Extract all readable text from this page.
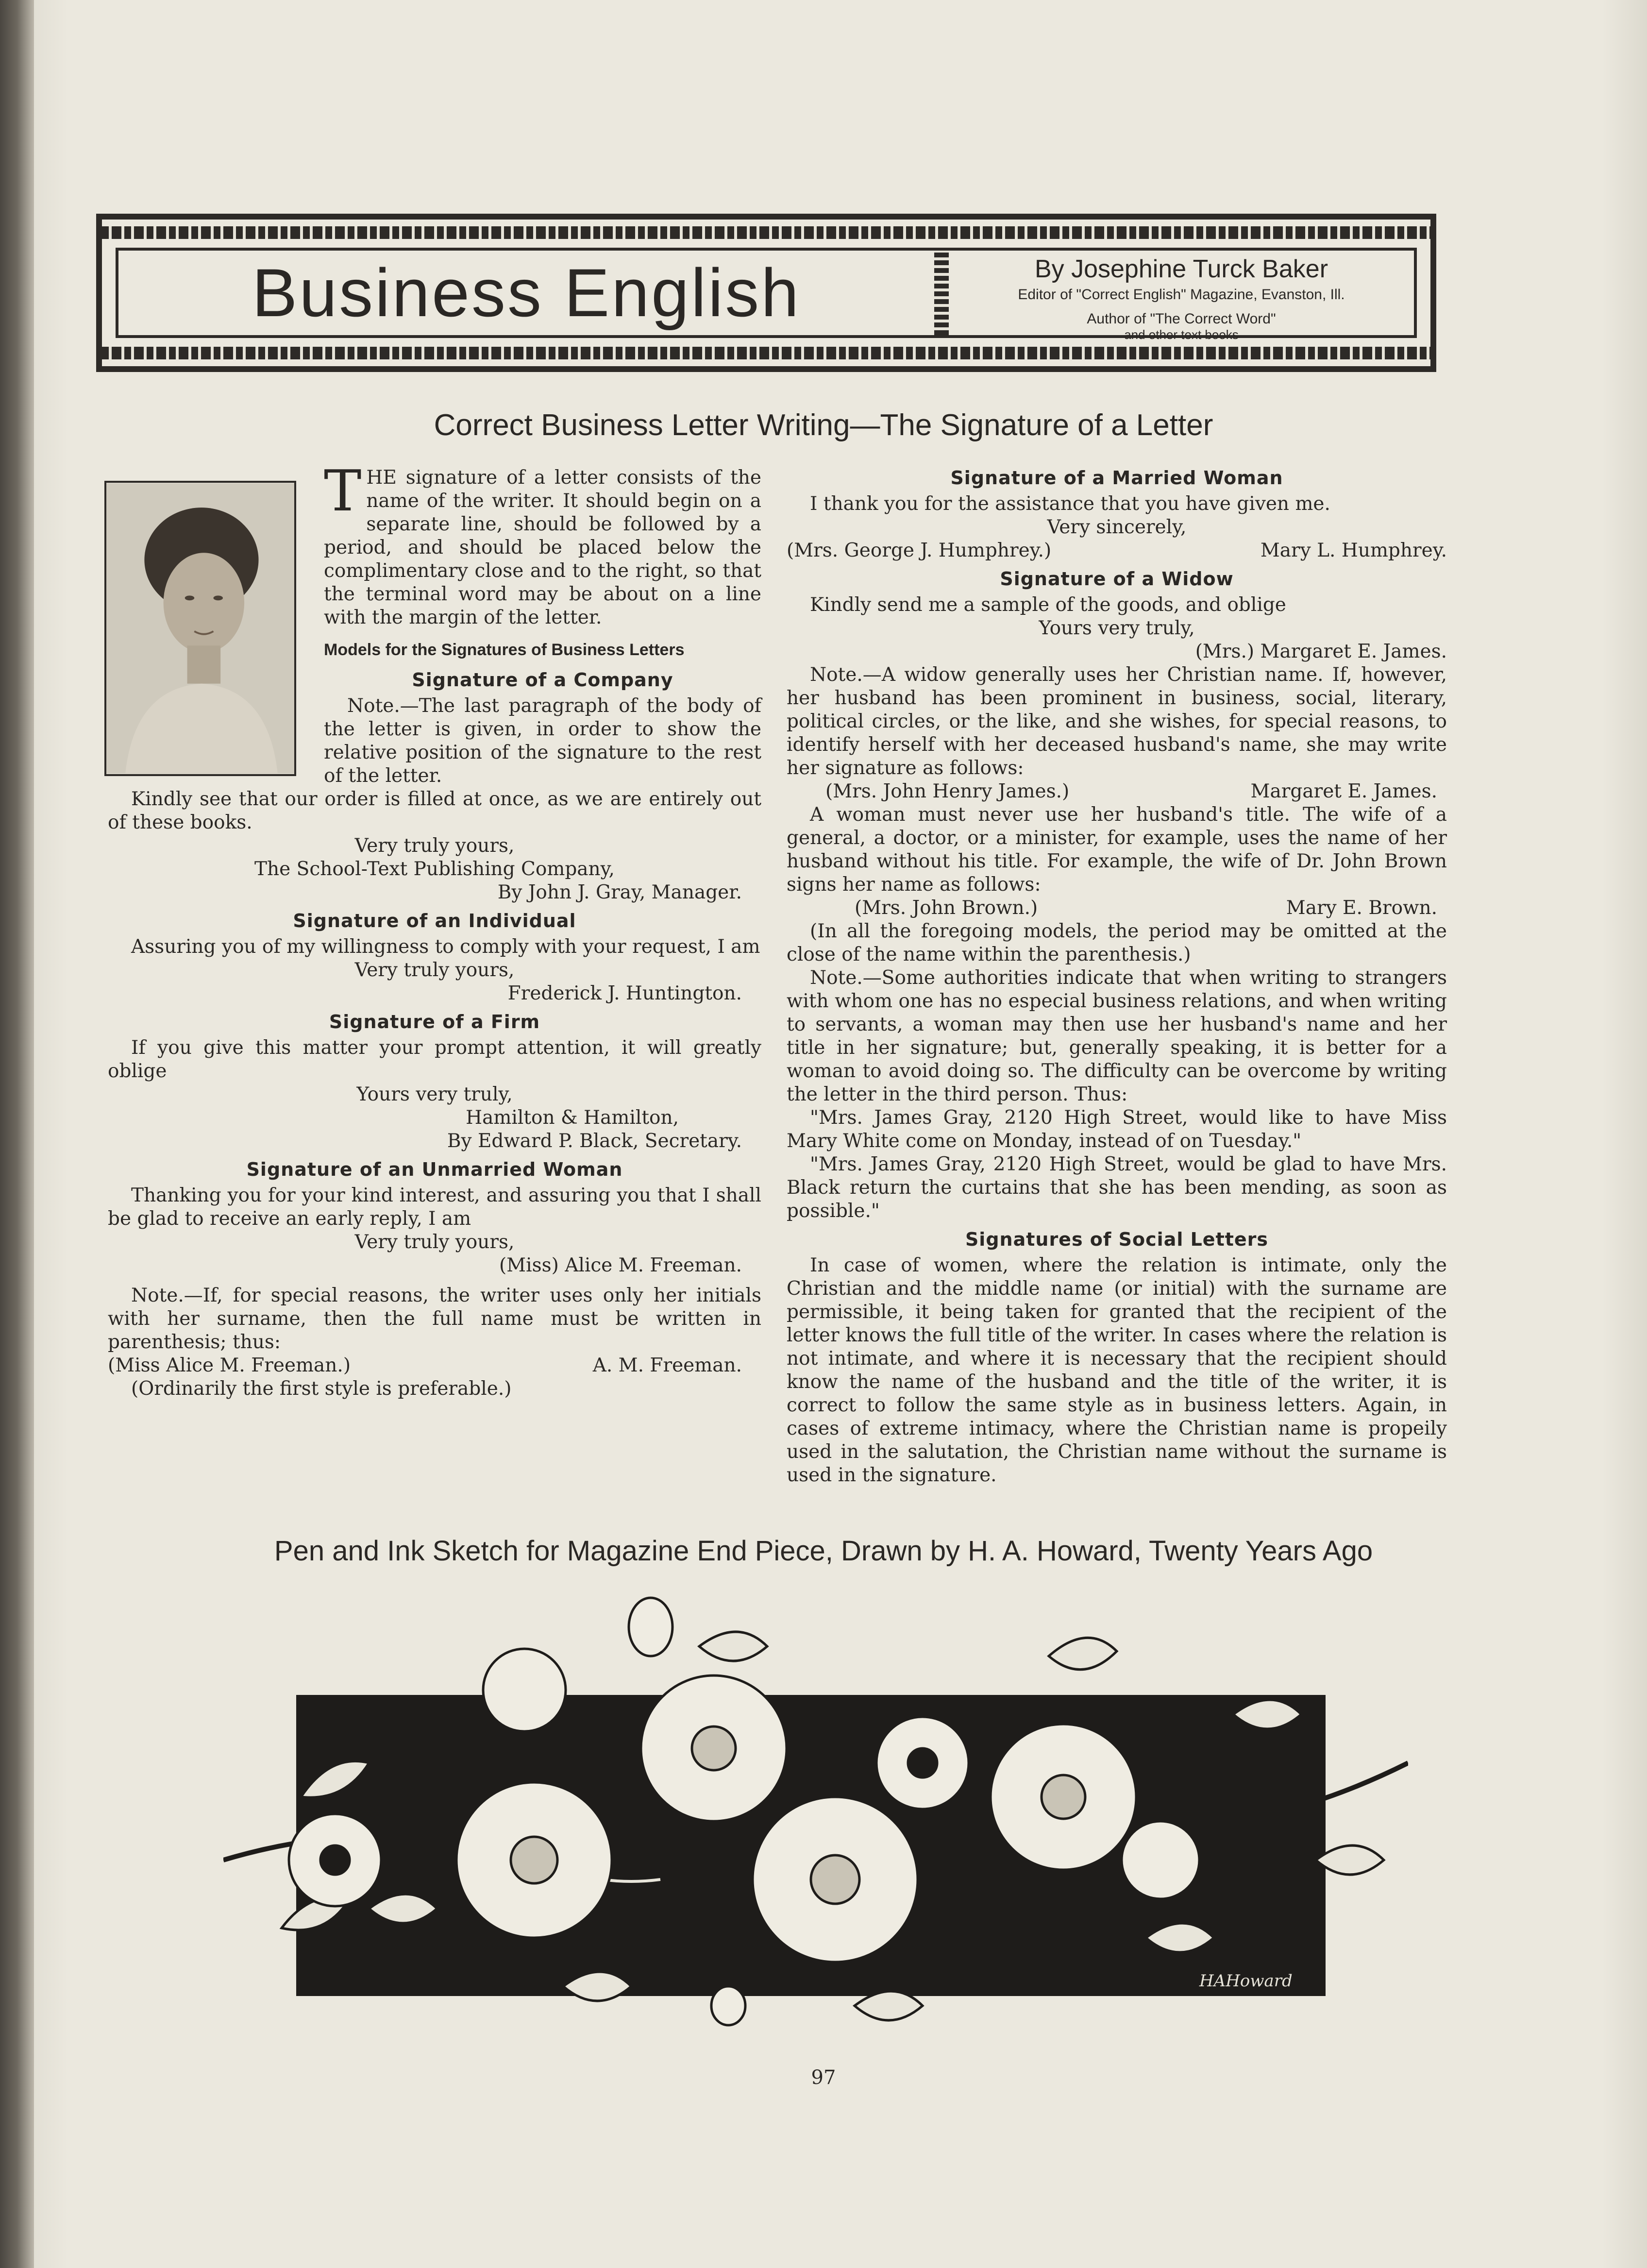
Business English	By Josephine Turck Baker
Editor of "Correct English" Magazine, Evanston, Ill.
Author of "The Correct Word"
and other text books
Correct Business Letter Writing—The Signature of a Letter

THE signature of a letter consists of the name of the writer. It should begin on a separate line, should be followed by a period, and should be placed below the complimentary close and to the right, so that the terminal word may be about on a line with the margin of the letter.

Models for the Signatures of Business Letters

Signature of a Company

Note.—The last paragraph of the body of the letter is given, in order to show the relative position of the signature to the rest of the letter.

Kindly see that our order is filled at once, as we are entirely out of these books.

Very truly yours,

The School-Text Publishing Company,

By John J. Gray, Manager.

Signature of an Individual

Assuring you of my willingness to comply with your request, I am

Very truly yours,

Frederick J. Huntington.

Signature of a Firm

If you give this matter your prompt attention, it will greatly oblige

Yours very truly,

Hamilton & Hamilton,

By Edward P. Black, Secretary.

Signature of an Unmarried Woman

Thanking you for your kind interest, and assuring you that I shall be glad to receive an early reply, I am

Very truly yours,

(Miss) Alice M. Freeman.

Note.—If, for special reasons, the writer uses only her initials with her surname, then the full name must be written in parenthesis; thus:

(Miss Alice M. Freeman.)	A. M. Freeman.

(Ordinarily the first style is preferable.)

Signature of a Married Woman

I thank you for the assistance that you have given me.

Very sincerely,

(Mrs. George J. Humphrey.)	Mary L. Humphrey.
Signature of a Widow

Kindly send me a sample of the goods, and oblige

Yours very truly,

(Mrs.) Margaret E. James.

Note.—A widow generally uses her Christian name. If, however, her husband has been prominent in business, social, literary, political circles, or the like, and she wishes, for special reasons, to identify herself with her deceased husband's name, she may write her signature as follows:

(Mrs. John Henry James.)	Margaret E. James.

A woman must never use her husband's title. The wife of a general, a doctor, or a minister, for example, uses the name of her husband without his title. For example, the wife of Dr. John Brown signs her name as follows:

(Mrs. John Brown.)	Mary E. Brown.

(In all the foregoing models, the period may be omitted at the close of the name within the parenthesis.)

Note.—Some authorities indicate that when writing to strangers with whom one has no especial business relations, and when writing to servants, a woman may then use her husband's name and her title in her signature; but, generally speaking, it is better for a woman to avoid doing so. The difficulty can be overcome by writing the letter in the third person. Thus:

"Mrs. James Gray, 2120 High Street, would like to have Miss Mary White come on Monday, instead of on Tuesday."

"Mrs. James Gray, 2120 High Street, would be glad to have Mrs. Black return the curtains that she has been mending, as soon as possible."

Signatures of Social Letters

In case of women, where the relation is intimate, only the Christian and the middle name (or initial) with the surname are permissible, it being taken for granted that the recipient of the letter knows the full title of the writer. In cases where the relation is not intimate, and where it is necessary that the recipient should know the name of the husband and the title of the writer, it is correct to follow the same style as in business letters. Again, in cases of extreme intimacy, where the Christian name is propeily used in the salutation, the Christian name without the surname is used in the signature.

Pen and Ink Sketch for Magazine End Piece, Drawn by H. A. Howard, Twenty Years Ago
HAHoward
97
